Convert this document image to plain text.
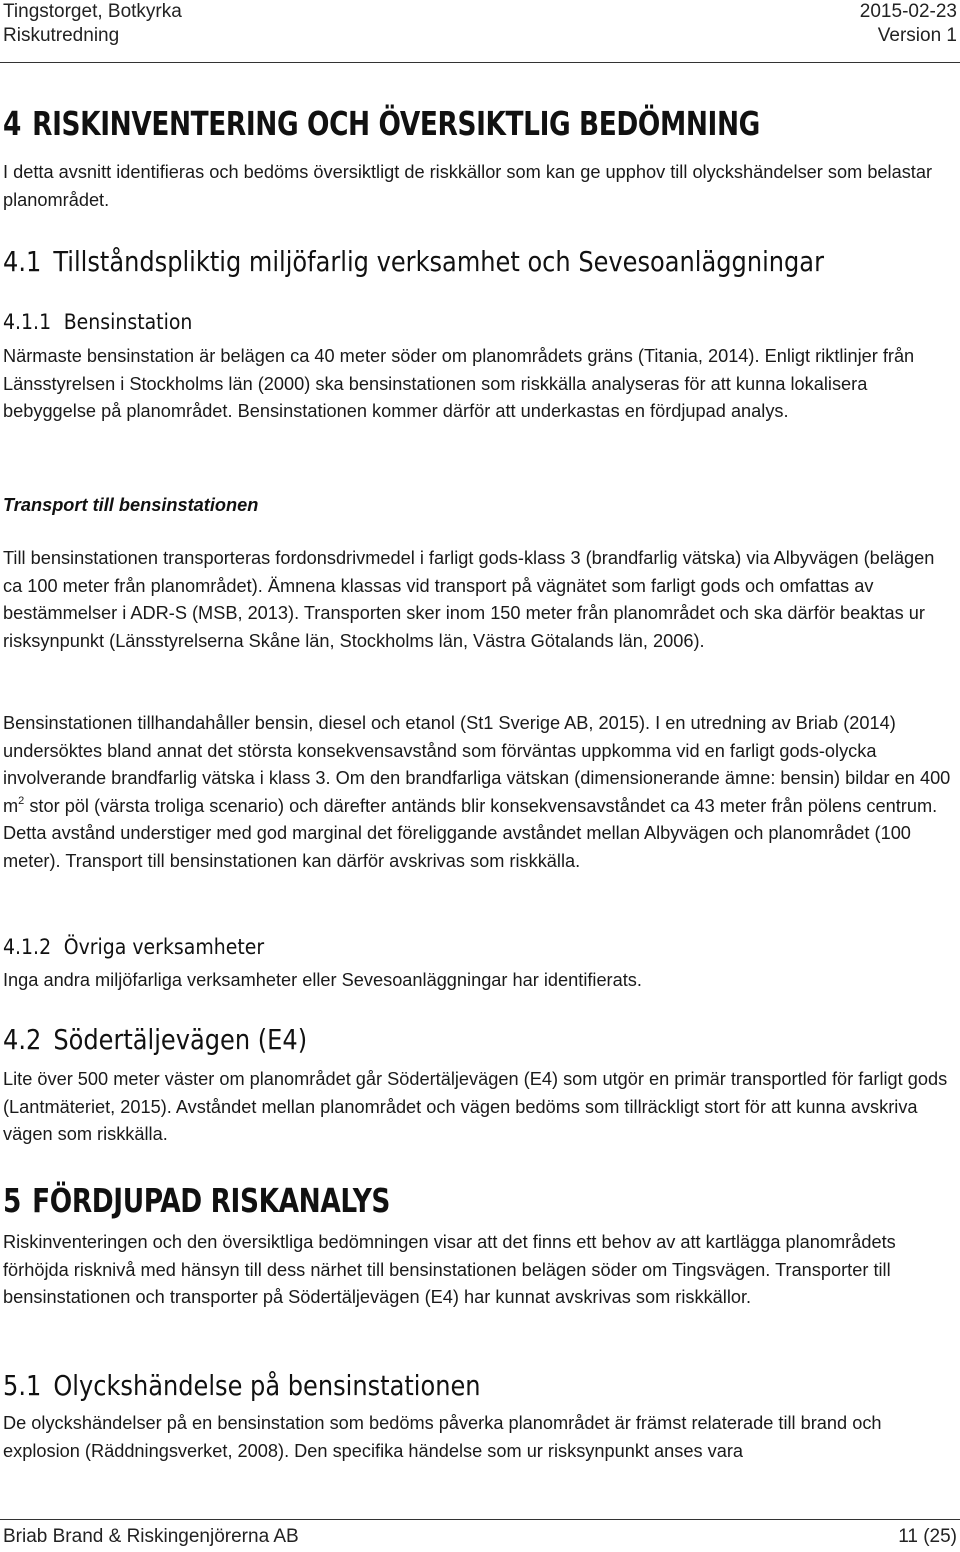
Tingstorget, Botkyrka	2015-02-23
Riskutredning	Version 1
4 RISKINVENTERING OCH ÖVERSIKTLIG BEDÖMNING

I detta avsnitt identifieras och bedöms översiktligt de riskkällor som kan ge upphov till olyckshändelser som belastar planområdet.

4.1 Tillståndspliktig miljöfarlig verksamhet och Sevesoanläggningar
4.1.1 Bensinstation

Närmaste bensinstation är belägen ca 40 meter söder om planområdets gräns (Titania, 2014). Enligt riktlinjer från Länsstyrelsen i Stockholms län (2000) ska bensinstationen som riskkälla analyseras för att kunna lokalisera bebyggelse på planområdet. Bensinstationen kommer därför att underkastas en fördjupad analys.

Transport till bensinstationen

Till bensinstationen transporteras fordonsdrivmedel i farligt gods-klass 3 (brandfarlig vätska) via Albyvägen (belägen ca 100 meter från planområdet). Ämnena klassas vid transport på vägnätet som farligt gods och omfattas av bestämmelser i ADR-S (MSB, 2013). Transporten sker inom 150 meter från planområdet och ska därför beaktas ur risksynpunkt (Länsstyrelserna Skåne län, Stockholms län, Västra Götalands län, 2006).

Bensinstationen tillhandahåller bensin, diesel och etanol (St1 Sverige AB, 2015). I en utredning av Briab (2014) undersöktes bland annat det största konsekvensavstånd som förväntas uppkomma vid en farligt gods-olycka involverande brandfarlig vätska i klass 3. Om den brandfarliga vätskan (dimensionerande ämne: bensin) bildar en 400 $m^2$ stor pöl (värsta troliga scenario) och därefter antänds blir konsekvensavståndet ca 43 meter från pölens centrum. Detta avstånd understiger med god marginal det föreliggande avståndet mellan Albyvägen och planområdet (100 meter). Transport till bensinstationen kan därför avskrivas som riskkälla.

4.1.2 Övriga verksamheter

Inga andra miljöfarliga verksamheter eller Sevesoanläggningar har identifierats.

4.2 Södertäljevägen (E4)

Lite över 500 meter väster om planområdet går Södertäljevägen (E4) som utgör en primär transportled för farligt gods (Lantmäteriet, 2015). Avståndet mellan planområdet och vägen bedöms som tillräckligt stort för att kunna avskriva vägen som riskkälla.

5 FÖRDJUPAD RISKANALYS

Riskinventeringen och den översiktliga bedömningen visar att det finns ett behov av att kartlägga planområdets förhöjda risknivå med hänsyn till dess närhet till bensinstationen belägen söder om Tingsvägen. Transporter till bensinstationen och transporter på Södertäljevägen (E4) har kunnat avskrivas som riskkällor.

5.1 Olyckshändelse på bensinstationen

De olyckshändelser på en bensinstation som bedöms påverka planområdet är främst relaterade till brand och explosion (Räddningsverket, 2008). Den specifika händelse som ur risksynpunkt anses vara

Briab Brand & Riskingenjörerna AB	11 (25)
